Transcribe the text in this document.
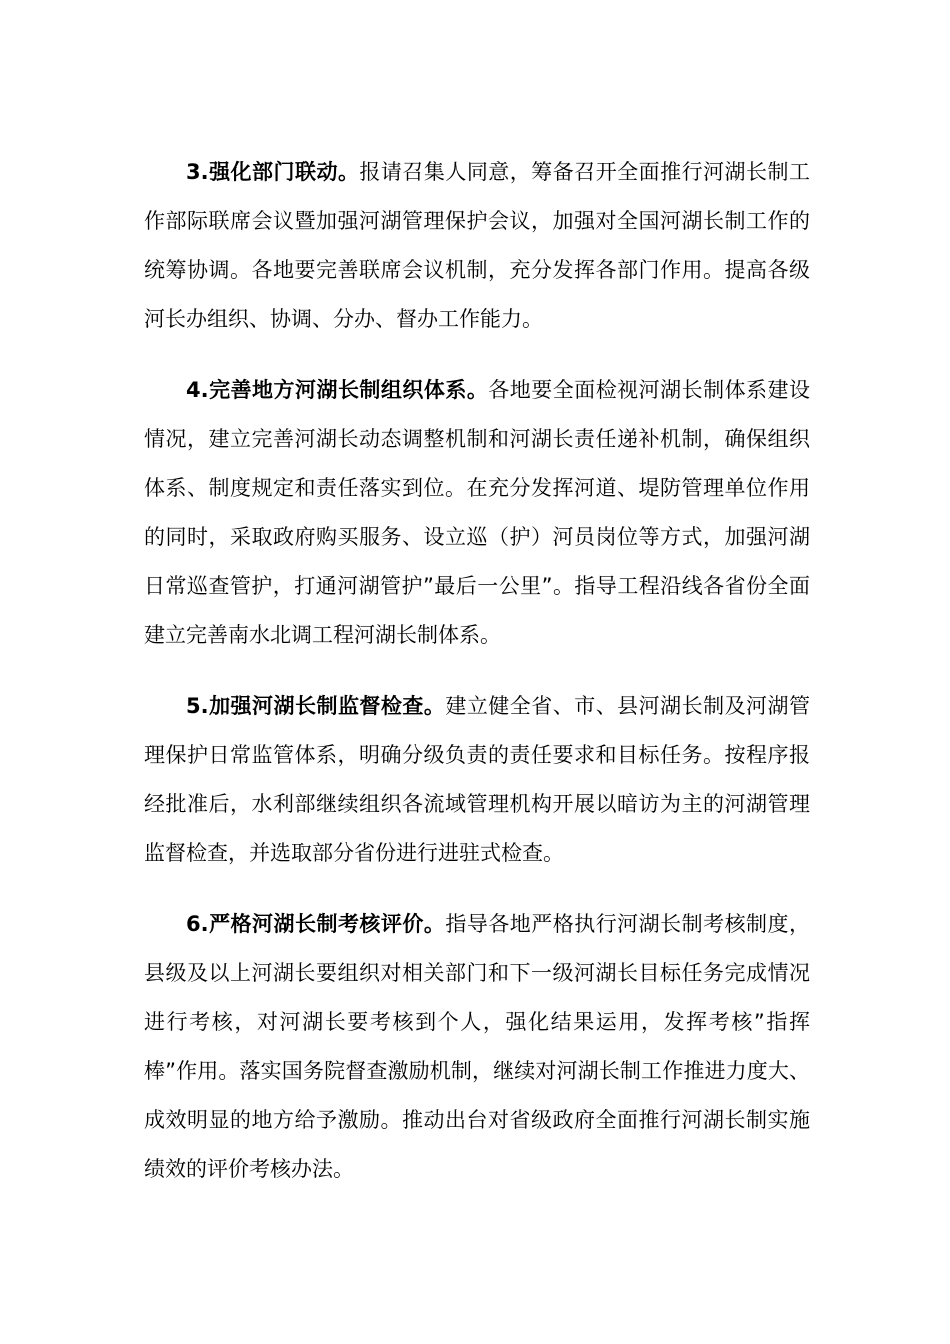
3.强化部门联动。报请召集人同意，筹备召开全面推行河湖长制工作部际联席会议暨加强河湖管理保护会议，加强对全国河湖长制工作的统筹协调。各地要完善联席会议机制，充分发挥各部门作用。提高各级河长办组织、协调、分办、督办工作能力。

4.完善地方河湖长制组织体系。各地要全面检视河湖长制体系建设情况，建立完善河湖长动态调整机制和河湖长责任递补机制，确保组织体系、制度规定和责任落实到位。在充分发挥河道、堤防管理单位作用的同时，采取政府购买服务、设立巡（护）河员岗位等方式，加强河湖日常巡查管护，打通河湖管护”最后一公里”。指导工程沿线各省份全面建立完善南水北调工程河湖长制体系。

5.加强河湖长制监督检查。建立健全省、市、县河湖长制及河湖管理保护日常监管体系，明确分级负责的责任要求和目标任务。按程序报经批准后，水利部继续组织各流域管理机构开展以暗访为主的河湖管理监督检查，并选取部分省份进行进驻式检查。

6.严格河湖长制考核评价。指导各地严格执行河湖长制考核制度，县级及以上河湖长要组织对相关部门和下一级河湖长目标任务完成情况进行考核，对河湖长要考核到个人，强化结果运用，发挥考核”指挥棒”作用。落实国务院督查激励机制，继续对河湖长制工作推进力度大、成效明显的地方给予激励。推动出台对省级政府全面推行河湖长制实施绩效的评价考核办法。
